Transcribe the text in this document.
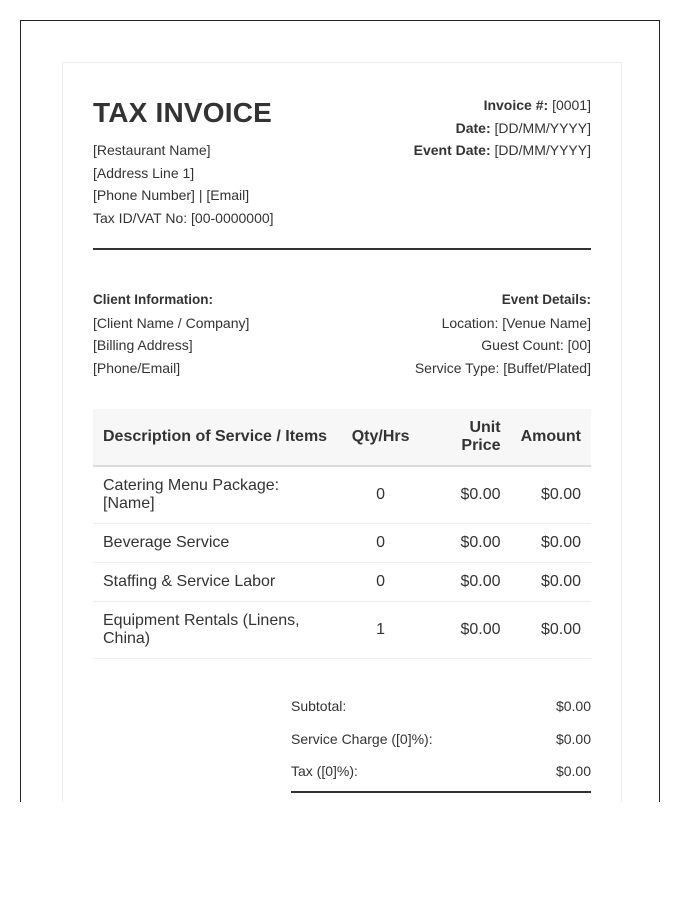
TAX INVOICE
[Restaurant Name]
[Address Line 1]
[Phone Number] | [Email]
Tax ID/VAT No: [00-0000000]
Invoice #: [0001]
Date: [DD/MM/YYYY]
Event Date: [DD/MM/YYYY]
Client Information:
[Client Name / Company]
[Billing Address]
[Phone/Email]
Event Details:
Location: [Venue Name]
Guest Count: [00]
Service Type: [Buffet/Plated]
Description of Service / Items	Qty/Hrs	Unit Price	Amount
Catering Menu Package: [Name]	0	$0.00	$0.00
Beverage Service	0	$0.00	$0.00
Staffing & Service Labor	0	$0.00	$0.00
Equipment Rentals (Linens, China)	1	$0.00	$0.00
Subtotal:	$0.00
Service Charge ([0]%):	$0.00
Tax ([0]%):	$0.00
